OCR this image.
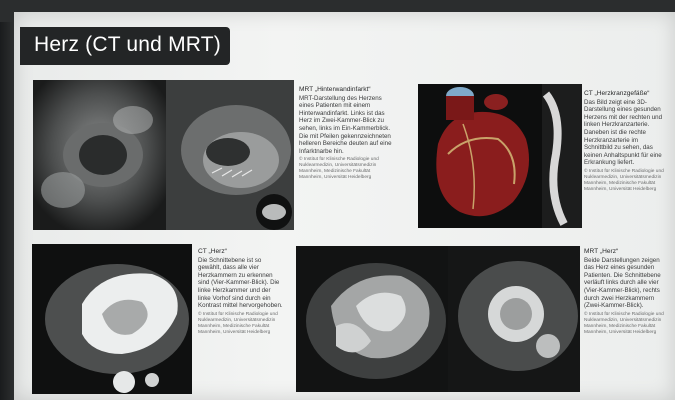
Herz (CT und MRT)
MRT „Hinterwandinfarkt“
MRT-Darstellung des Herzens eines Patienten mit einem Hinterwandinfarkt. Links ist das Herz im Zwei-Kammer-Blick zu sehen, links im Ein-Kammerblick. Die mit Pfeilen gekennzeichneten helleren Bereiche deuten auf eine Infarktnarbe hin.
© Institut für Klinische Radiologie und Nuklearmedizin, Universitätsmedizin Mannheim, Medizinische Fakultät Mannheim, Universität Heidelberg
CT „Herzkranzgefäße“
Das Bild zeigt eine 3D-Darstellung eines gesunden Herzens mit der rechten und linken Herzkranzarterie. Daneben ist die rechte Herzkranzarterie im Schnittbild zu sehen, das keinen Anhaltspunkt für eine Erkrankung liefert.
© Institut für Klinische Radiologie und Nuklearmedizin, Universitätsmedizin Mannheim, Medizinische Fakultät Mannheim, Universität Heidelberg
CT „Herz“
Die Schnittebene ist so gewählt, dass alle vier Herzkammern zu erkennen sind (Vier-Kammer-Blick). Die linke Herzkammer und der linke Vorhof sind durch ein Kontrast mittel hervorgehoben.
© Institut für Klinische Radiologie und Nuklearmedizin, Universitätsmedizin Mannheim, Medizinische Fakultät Mannheim, Universität Heidelberg
MRT „Herz“
Beide Darstellungen zeigen das Herz eines gesunden Patienten. Die Schnittebene verläuft links durch alle vier (Vier-Kammer-Blick), rechts durch zwei Herzkammern (Zwei-Kammer-Blick).
© Institut für Klinische Radiologie und Nuklearmedizin, Universitätsmedizin Mannheim, Medizinische Fakultät Mannheim, Universität Heidelberg
